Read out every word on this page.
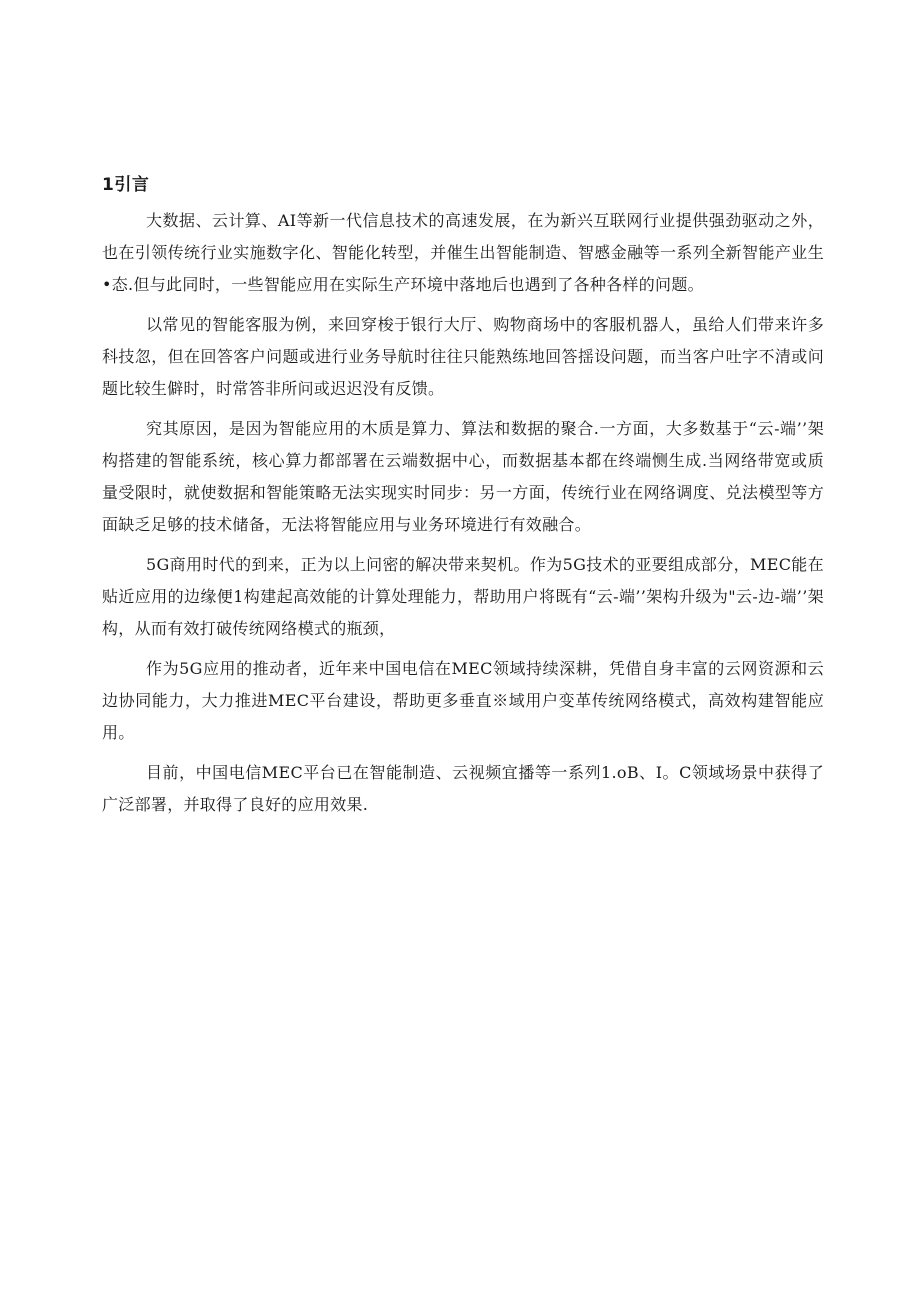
1引言

大数据、云计算、AI等新一代信息技术的高速发展，在为新兴互联网行业提供强劲驱动之外，也在引领传统行业实施数字化、智能化转型，并催生出智能制造、智慼金融等一系列全新智能产业生•态.但与此同时，一些智能应用在实际生产环境中落地后也遇到了各种各样的问题。

以常见的智能客服为例，来回穿梭于银行大厅、购物商场中的客服机器人，虽给人们带来许多科技忽，但在回答客户问题或进行业务导航时往往只能熟练地回答揺设问题，而当客户吐字不清或问题比较生僻时，时常答非所问或迟迟没有反馈。

究其原因，是因为智能应用的木质是算力、算法和数据的聚合.一方面，大多数基于“云-端’’架构搭建的智能系统，核心算力都部署在云端数据中心，而数据基本都在终端恻生成.当网络带宽或质量受限时，就使数据和智能策略无法实现实时同步：另一方面，传统行业在网络调度、兑法模型等方面缺乏足够的技术储备，无法将智能应用与业务环境进行有效融合。

5G商用时代的到来，正为以上问密的解决带来契机。作为5G技术的亚要组成部分，MEC能在贴近应用的边缘便1构建起高效能的计算处理能力，帮助用户将既有“云-端’’架构升级为"云-边-端’’架构，从而有效打破传统网络模式的瓶颈，

作为5G应用的推动者，近年来中国电信在MEC领域持续深耕，凭借自身丰富的云网资源和云边协同能力，大力推进MEC平台建设，帮助更多垂直※域用户变革传统网络模式，高效构建智能应用。

目前，中国电信MEC平台已在智能制造、云视频宜播等一系列1.oB、I。C领域场景中获得了广泛部署，并取得了良好的应用效果.
